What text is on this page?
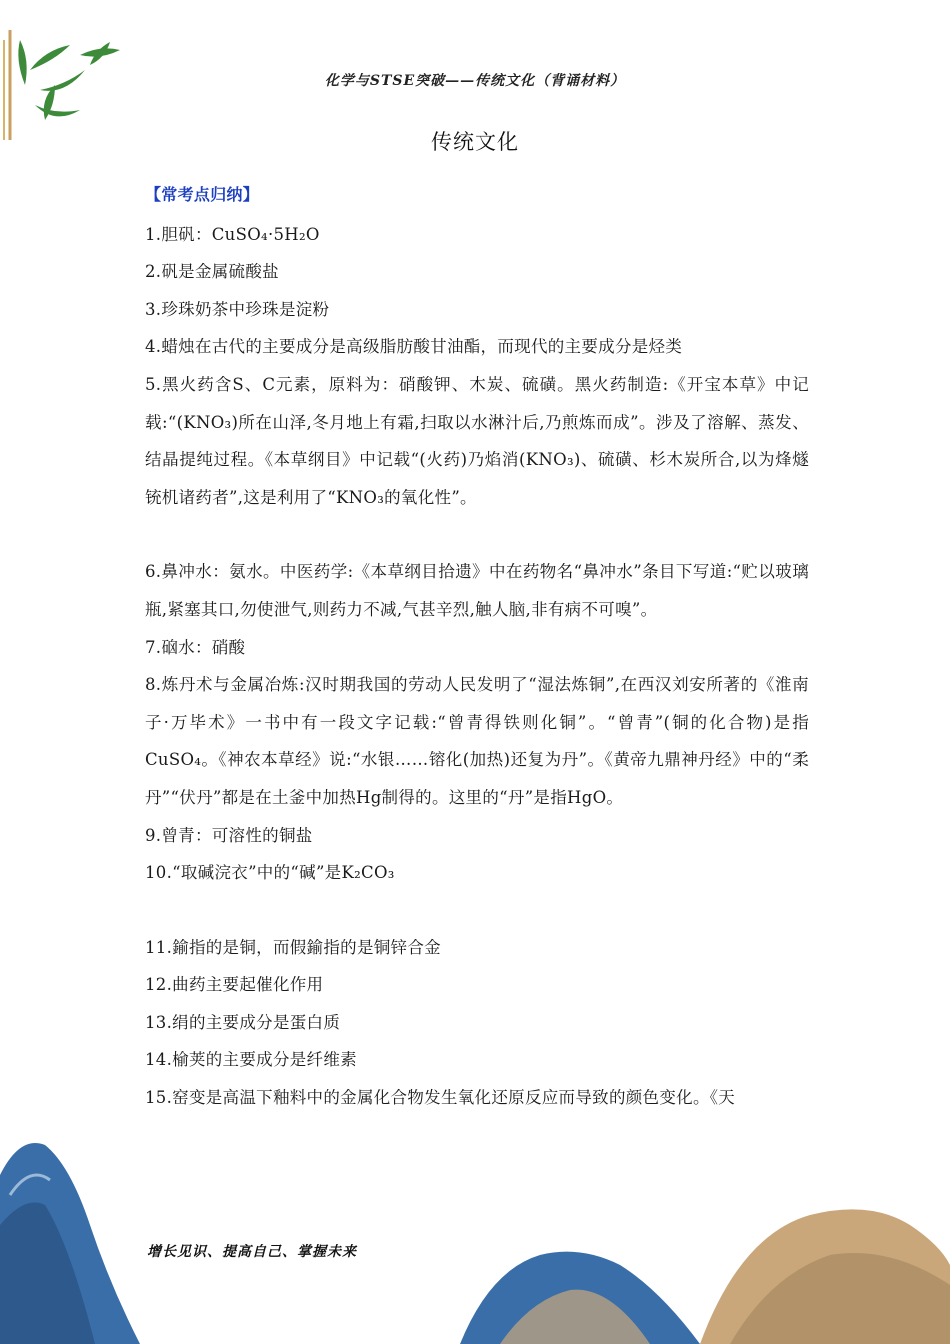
化学与STSE突破——传统文化（背诵材料）
传统文化
【常考点归纳】

1.胆矾：CuSO₄·5H₂O

2.矾是金属硫酸盐

3.珍珠奶茶中珍珠是淀粉

4.蜡烛在古代的主要成分是高级脂肪酸甘油酯，而现代的主要成分是烃类

5.黑火药含S、C元素，原料为：硝酸钾、木炭、硫磺。黑火药制造:《开宝本草》中记载:“(KNO₃)所在山泽,冬月地上有霜,扫取以水淋汁后,乃煎炼而成”。涉及了溶解、蒸发、结晶提纯过程。《本草纲目》中记载“(火药)乃焰消(KNO₃)、硫磺、杉木炭所合,以为烽燧铳机诸药者”,这是利用了“KNO₃的氧化性”。

6.鼻冲水：氨水。中医药学:《本草纲目拾遗》中在药物名“鼻冲水”条目下写道:“贮以玻璃瓶,紧塞其口,勿使泄气,则药力不减,气甚辛烈,触人脑,非有病不可嗅”。

7.硇水：硝酸

8.炼丹术与金属冶炼:汉时期我国的劳动人民发明了“湿法炼铜”,在西汉刘安所著的《淮南子·万毕术》一书中有一段文字记载:“曾青得铁则化铜”。“曾青”(铜的化合物)是指CuSO₄。《神农本草经》说:“水银……镕化(加热)还复为丹”。《黄帝九鼎神丹经》中的“柔丹”“伏丹”都是在土釜中加热Hg制得的。这里的“丹”是指HgO。

9.曾青：可溶性的铜盐

10.“取碱浣衣”中的“碱”是K₂CO₃

11.鍮指的是铜，而假鍮指的是铜锌合金

12.曲药主要起催化作用

13.绢的主要成分是蛋白质

14.榆荚的主要成分是纤维素

15.窑变是高温下釉料中的金属化合物发生氧化还原反应而导致的颜色变化。《天

增长见识、提高自己、掌握未来
